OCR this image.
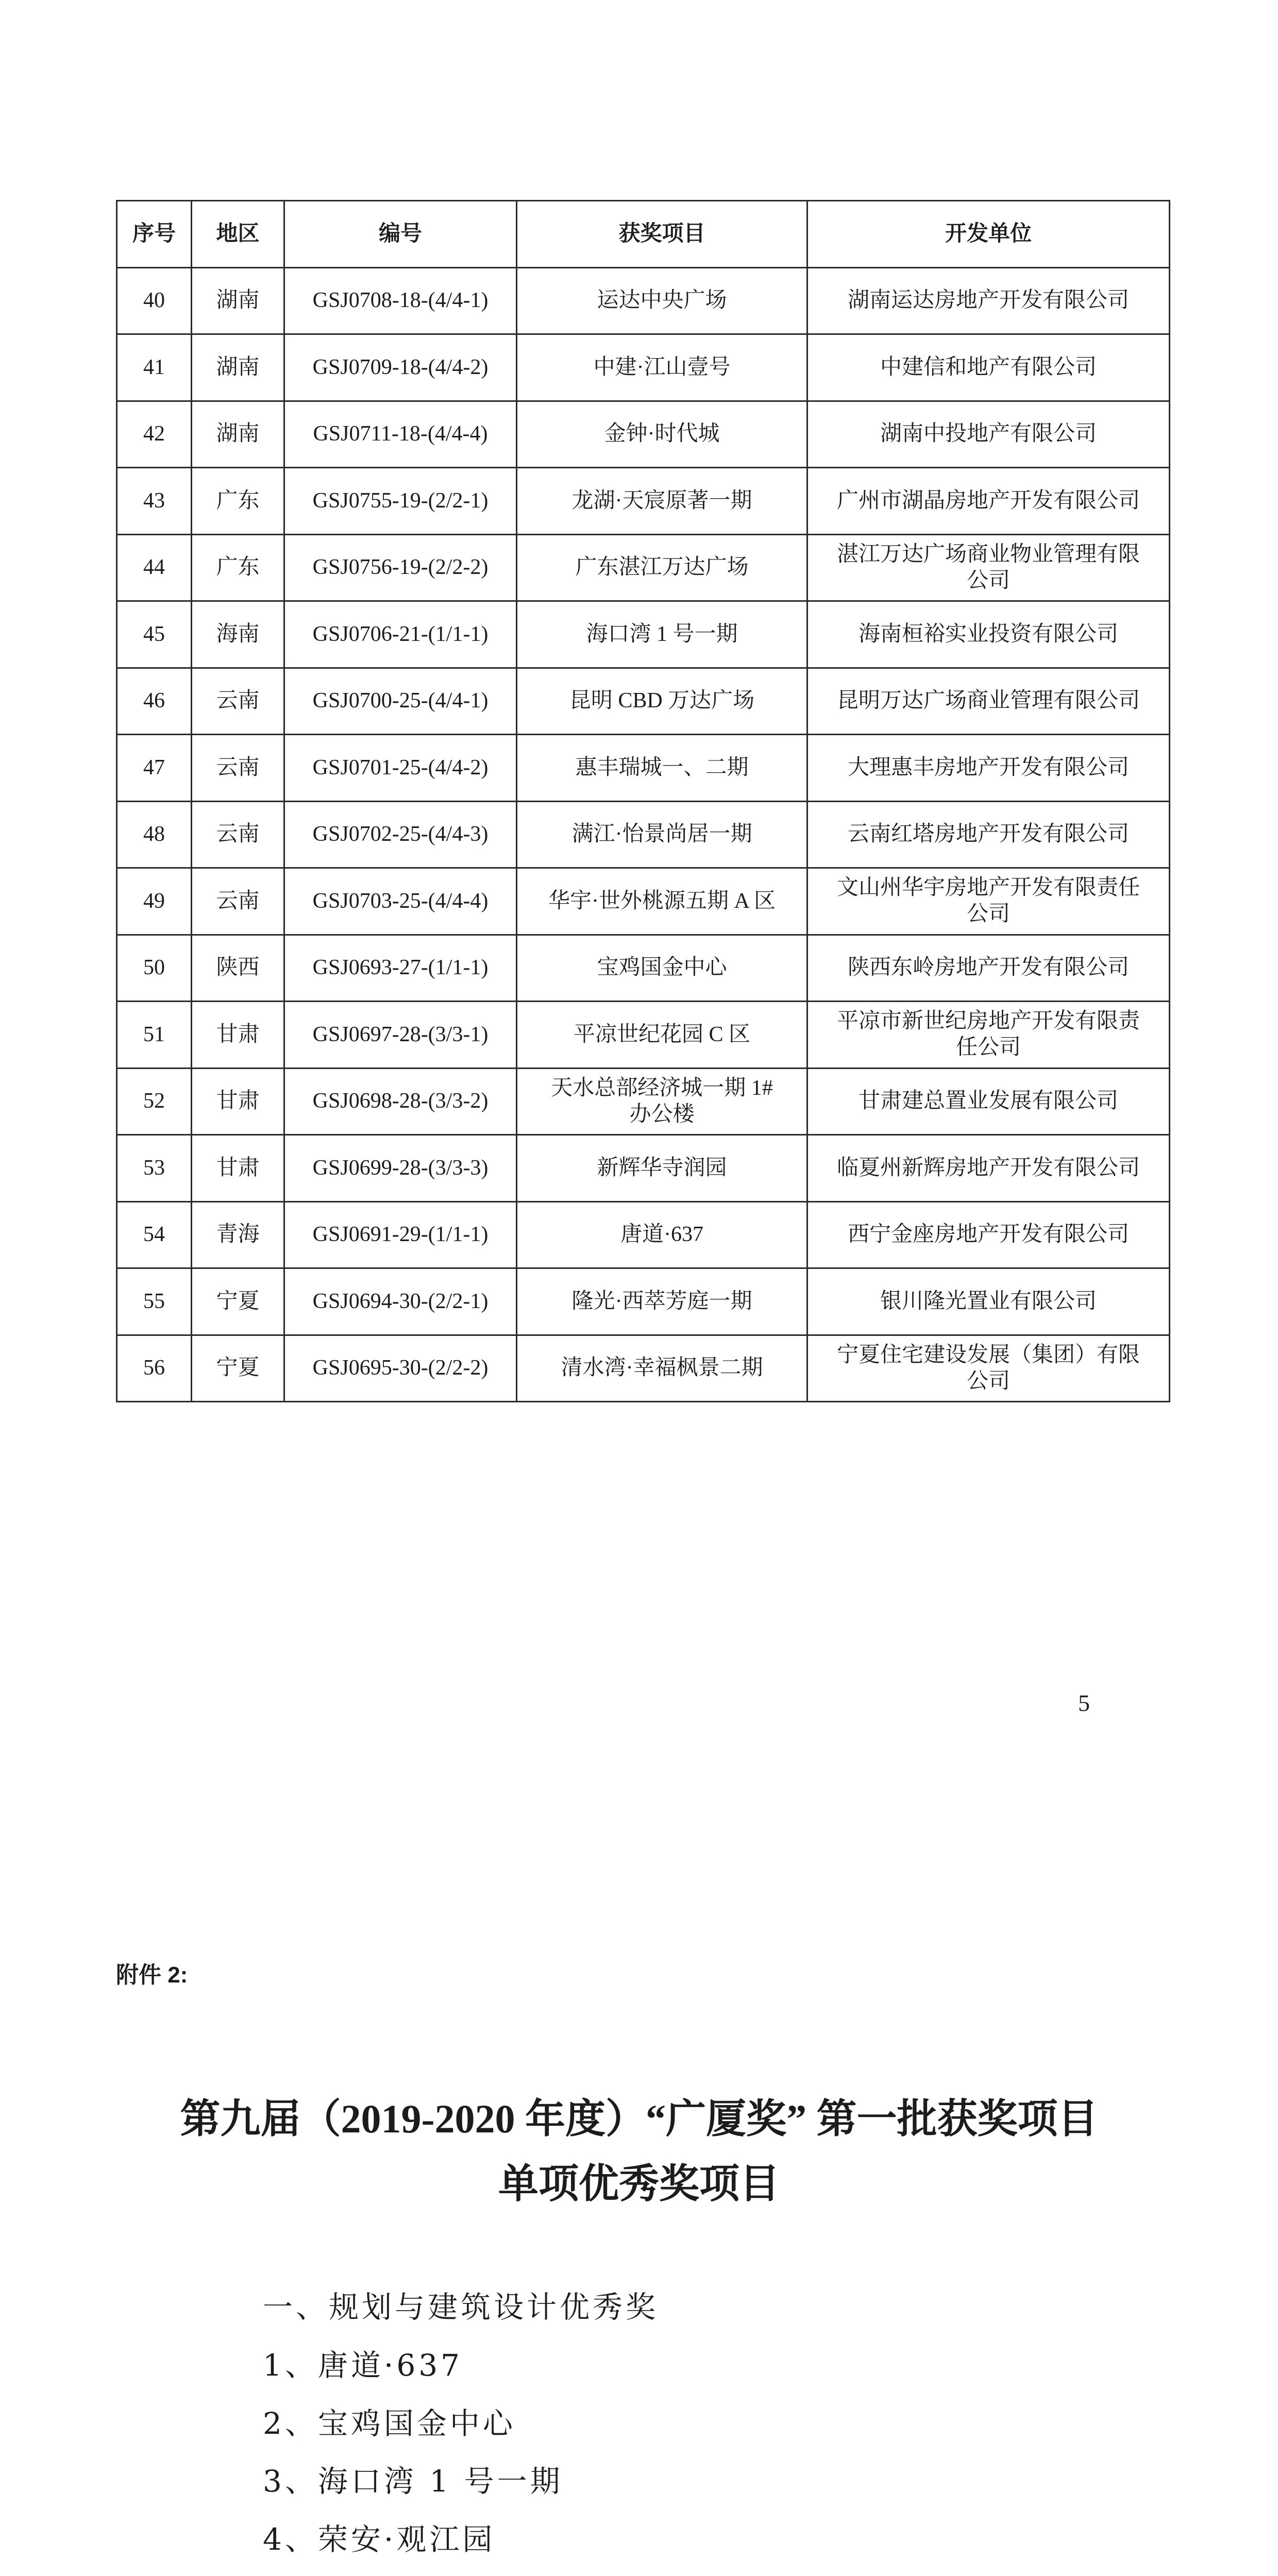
序号	地区	编号	获奖项目	开发单位
40	湖南	GSJ0708-18-(4/4-1)	运达中央广场	湖南运达房地产开发有限公司
41	湖南	GSJ0709-18-(4/4-2)	中建·江山壹号	中建信和地产有限公司
42	湖南	GSJ0711-18-(4/4-4)	金钟·时代城	湖南中投地产有限公司
43	广东	GSJ0755-19-(2/2-1)	龙湖·天宸原著一期	广州市湖晶房地产开发有限公司
44	广东	GSJ0756-19-(2/2-2)	广东湛江万达广场	湛江万达广场商业物业管理有限公司
45	海南	GSJ0706-21-(1/1-1)	海口湾 1 号一期	海南桓裕实业投资有限公司
46	云南	GSJ0700-25-(4/4-1)	昆明 CBD 万达广场	昆明万达广场商业管理有限公司
47	云南	GSJ0701-25-(4/4-2)	惠丰瑞城一、二期	大理惠丰房地产开发有限公司
48	云南	GSJ0702-25-(4/4-3)	满江·怡景尚居一期	云南红塔房地产开发有限公司
49	云南	GSJ0703-25-(4/4-4)	华宇·世外桃源五期 A 区	文山州华宇房地产开发有限责任公司
50	陕西	GSJ0693-27-(1/1-1)	宝鸡国金中心	陕西东岭房地产开发有限公司
51	甘肃	GSJ0697-28-(3/3-1)	平凉世纪花园 C 区	平凉市新世纪房地产开发有限责任公司
52	甘肃	GSJ0698-28-(3/3-2)	天水总部经济城一期 1#办公楼	甘肃建总置业发展有限公司
53	甘肃	GSJ0699-28-(3/3-3)	新辉华寺润园	临夏州新辉房地产开发有限公司
54	青海	GSJ0691-29-(1/1-1)	唐道·637	西宁金座房地产开发有限公司
55	宁夏	GSJ0694-30-(2/2-1)	隆光·西萃芳庭一期	银川隆光置业有限公司
56	宁夏	GSJ0695-30-(2/2-2)	清水湾·幸福枫景二期	宁夏住宅建设发展（集团）有限公司
5
附件 2:
第九届（2019-2020 年度）“广厦奖” 第一批获奖项目
单项优秀奖项目
一、规划与建筑设计优秀奖
1、唐道·637
2、宝鸡国金中心
3、海口湾 1 号一期
4、荣安·观江园
